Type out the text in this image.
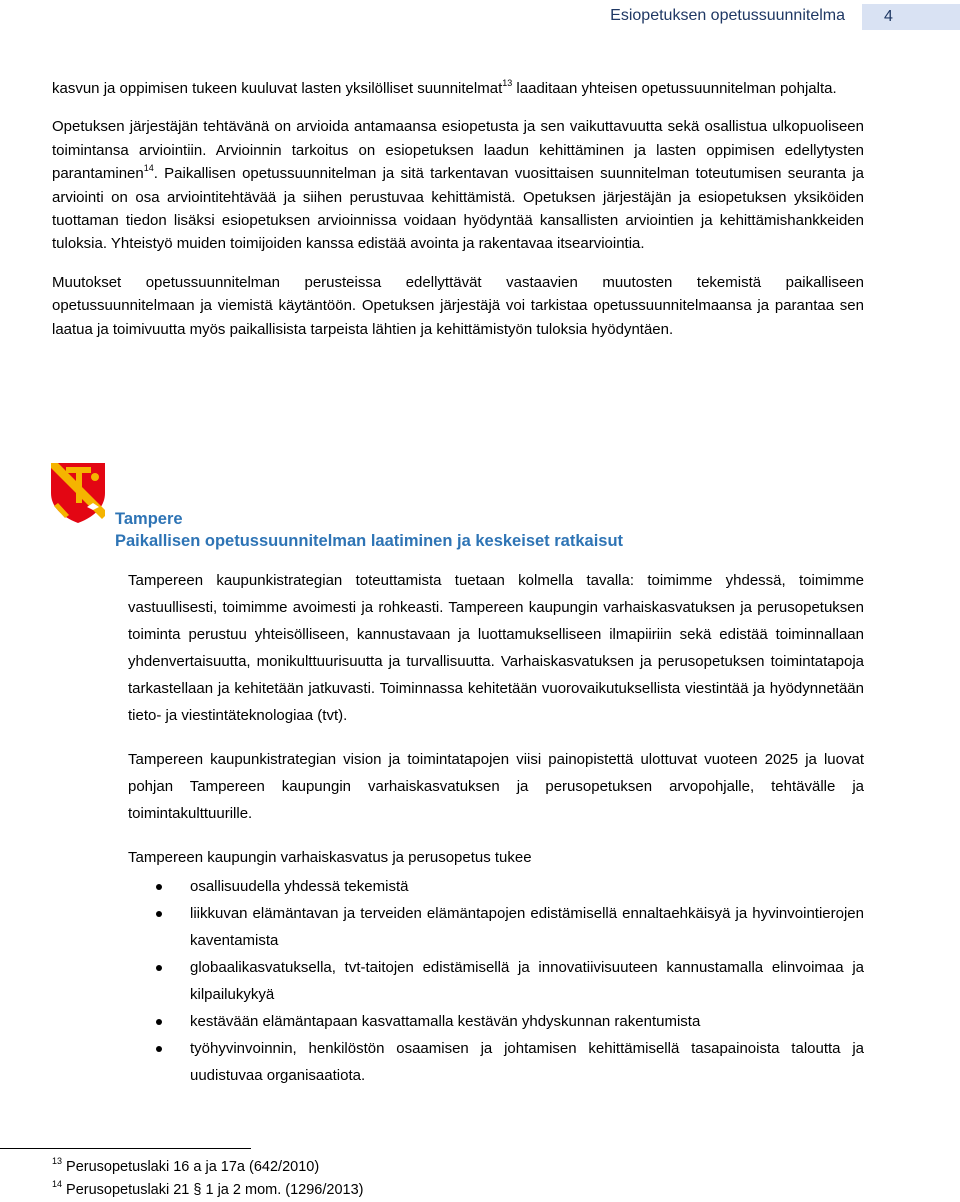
Esiopetuksen opetussuunnitelma 4

kasvun ja oppimisen tukeen kuuluvat lasten yksilölliset suunnitelmat$^{13}$ laaditaan yhteisen opetussuunnitelman pohjalta.

Opetuksen järjestäjän tehtävänä on arvioida antamaansa esiopetusta ja sen vaikuttavuutta sekä osallistua ulkopuoliseen toimintansa arviointiin. Arvioinnin tarkoitus on esiopetuksen laadun kehittäminen ja lasten oppimisen edellytysten parantaminen$^{14}$. Paikallisen opetussuunnitelman ja sitä tarkentavan vuosittaisen suunnitelman toteutumisen seuranta ja arviointi on osa arviointitehtävää ja siihen perustuvaa kehittämistä. Opetuksen järjestäjän ja esiopetuksen yksiköiden tuottaman tiedon lisäksi esiopetuksen arvioinnissa voidaan hyödyntää kansallisten arviointien ja kehittämishankkeiden tuloksia. Yhteistyö muiden toimijoiden kanssa edistää avointa ja rakentavaa itsearviointia.

Muutokset opetussuunnitelman perusteissa edellyttävät vastaavien muutosten tekemistä paikalliseen opetussuunnitelmaan ja viemistä käytäntöön. Opetuksen järjestäjä voi tarkistaa opetussuunnitelmaansa ja parantaa sen laatua ja toimivuutta myös paikallisista tarpeista lähtien ja kehittämistyön tuloksia hyödyntäen.

Tampere
Paikallisen opetussuunnitelman laatiminen ja keskeiset ratkaisut

Tampereen kaupunkistrategian toteuttamista tuetaan kolmella tavalla: toimimme yhdessä, toimimme vastuullisesti, toimimme avoimesti ja rohkeasti. Tampereen kaupungin varhaiskasvatuksen ja perusopetuksen toiminta perustuu yhteisölliseen, kannustavaan ja luottamukselliseen ilmapiiriin sekä edistää toiminnallaan yhdenvertaisuutta, monikulttuurisuutta ja turvallisuutta. Varhaiskasvatuksen ja perusopetuksen toimintatapoja tarkastellaan ja kehitetään jatkuvasti. Toiminnassa kehitetään vuorovaikutuksellista viestintää ja hyödynnetään tieto- ja viestintäteknologiaa (tvt).

Tampereen kaupunkistrategian vision ja toimintatapojen viisi painopistettä ulottuvat vuoteen 2025 ja luovat pohjan Tampereen kaupungin varhaiskasvatuksen ja perusopetuksen arvopohjalle, tehtävälle ja toimintakulttuurille.

Tampereen kaupungin varhaiskasvatus ja perusopetus tukee

osallisuudella yhdessä tekemistä
liikkuvan elämäntavan ja terveiden elämäntapojen edistämisellä ennaltaehkäisyä ja hyvinvointierojen kaventamista
globaalikasvatuksella, tvt-taitojen edistämisellä ja innovatiivisuuteen kannustamalla elinvoimaa ja kilpailukykyä
kestävään elämäntapaan kasvattamalla kestävän yhdyskunnan rakentumista
työhyvinvoinnin, henkilöstön osaamisen ja johtamisen kehittämisellä tasapainoista taloutta ja uudistuvaa organisaatiota.
$^{13}$ Perusopetuslaki 16 a ja 17a (642/2010)
$^{14}$ Perusopetuslaki 21 § 1 ja 2 mom. (1296/2013)
